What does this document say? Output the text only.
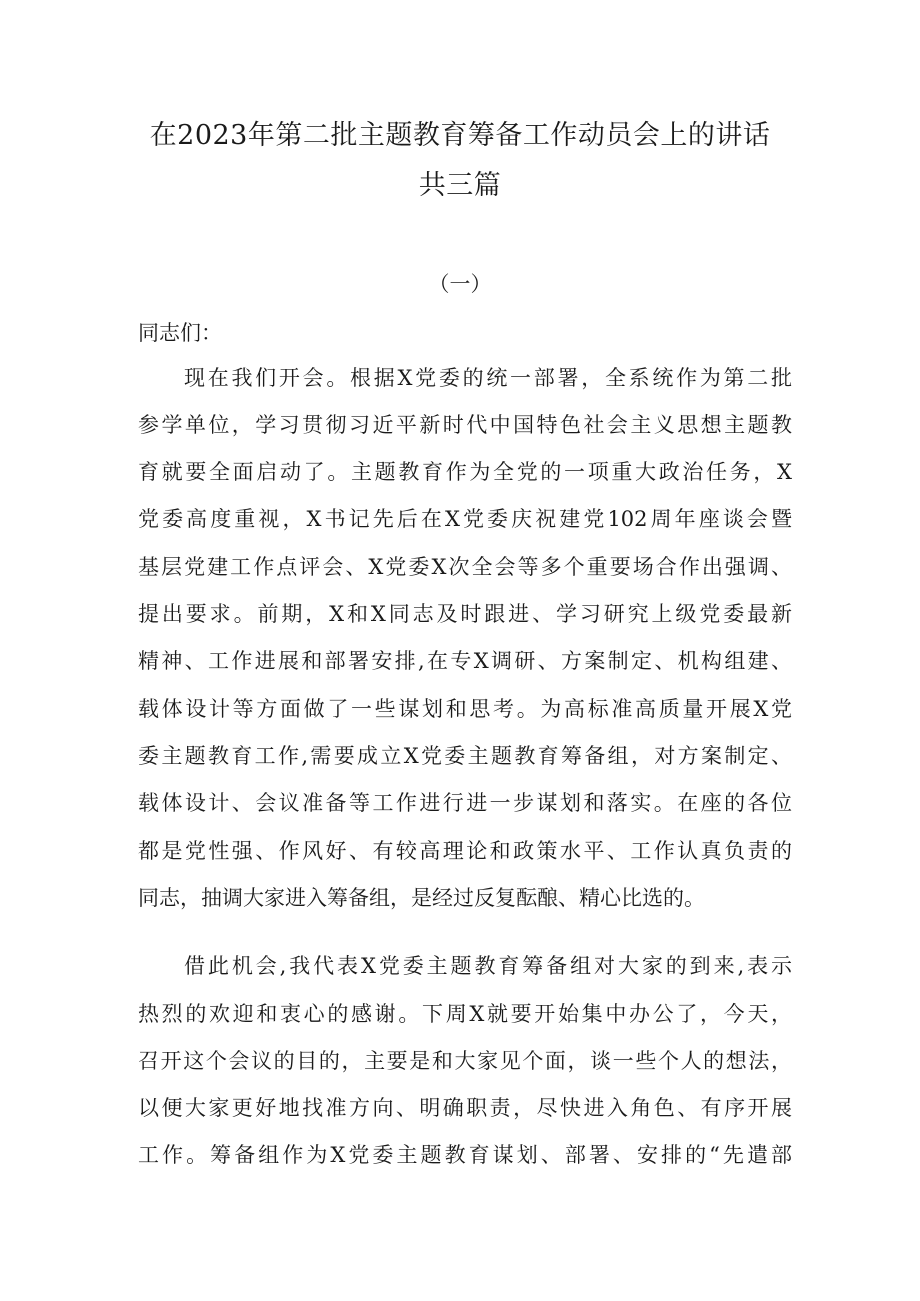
在2023年第二批主题教育筹备工作动员会上的讲话
共三篇
（一）
同志们：
现在我们开会。根据X党委的统一部署，全系统作为第二批
参学单位，学习贯彻习近平新时代中国特色社会主义思想主题教
育就要全面启动了。主题教育作为全党的一项重大政治任务，X
党委高度重视，X书记先后在X党委庆祝建党102周年座谈会暨
基层党建工作点评会、X党委X次全会等多个重要场合作出强调、
提出要求。前期，X和X同志及时跟进、学习研究上级党委最新
精神、工作进展和部署安排,在专X调研、方案制定、机构组建、
载体设计等方面做了一些谋划和思考。为高标准高质量开展X党
委主题教育工作,需要成立X党委主题教育筹备组，对方案制定、
载体设计、会议准备等工作进行进一步谋划和落实。在座的各位
都是党性强、作风好、有较高理论和政策水平、工作认真负责的
同志，抽调大家进入筹备组，是经过反复酝酿、精心比选的。
借此机会,我代表X党委主题教育筹备组对大家的到来,表示
热烈的欢迎和衷心的感谢。下周X就要开始集中办公了，今天，
召开这个会议的目的，主要是和大家见个面，谈一些个人的想法，
以便大家更好地找准方向、明确职责，尽快进入角色、有序开展
工作。筹备组作为X党委主题教育谋划、部署、安排的“先遣部
